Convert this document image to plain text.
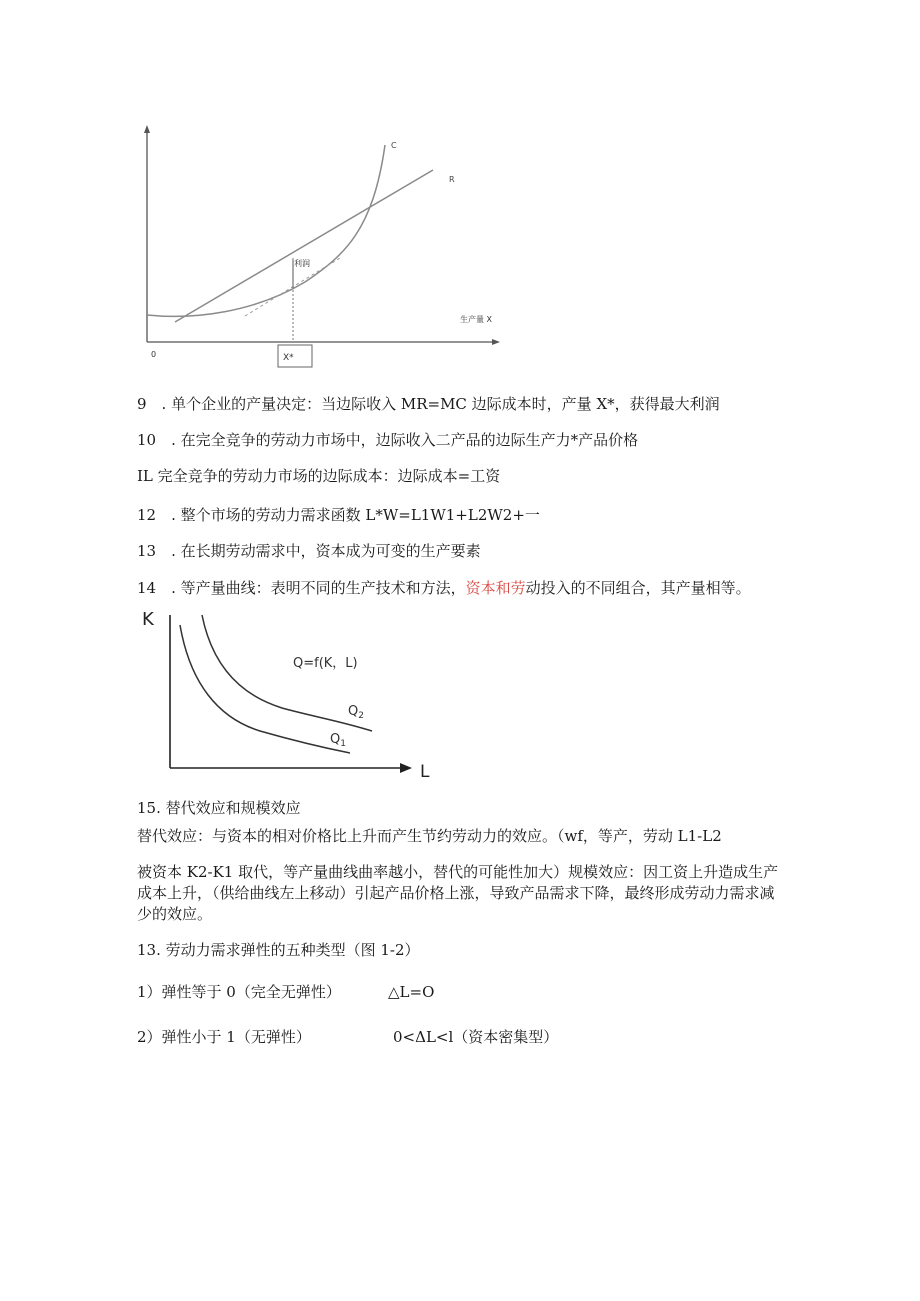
X*
C
R
利润
生产量 X
0
9　. 单个企业的产量决定：当边际收入 MR=MC 边际成本时，产量 X*，获得最大利润
10　. 在完全竞争的劳动力市场中，边际收入二产品的边际生产力*产品价格
IL 完全竞争的劳动力市场的边际成本：边际成本=工资
12　. 整个市场的劳动力需求函数 L*W=L1W1+L2W2+一
13　. 在长期劳动需求中，资本成为可变的生产要素
14　. 等产量曲线：表明不同的生产技术和方法，资本和劳动投入的不同组合，其产量相等。
K
L
Q=f(K，L)
$Q_2$
$Q_1$
15. 替代效应和规模效应
替代效应：与资本的相对价格比上升而产生节约劳动力的效应。（wf，等产，劳动 L1-L2
被资本 K2-K1 取代，等产量曲线曲率越小，替代的可能性加大）规模效应：因工资上升造成生产成本上升，（供给曲线左上移动）引起产品价格上涨，导致产品需求下降，最终形成劳动力需求减少的效应。
13. 劳动力需求弹性的五种类型（图 1-2）
1）弹性等于 0（完全无弹性）	△L=O
2）弹性小于 1（无弹性）	0<ΔL<l（资本密集型）
